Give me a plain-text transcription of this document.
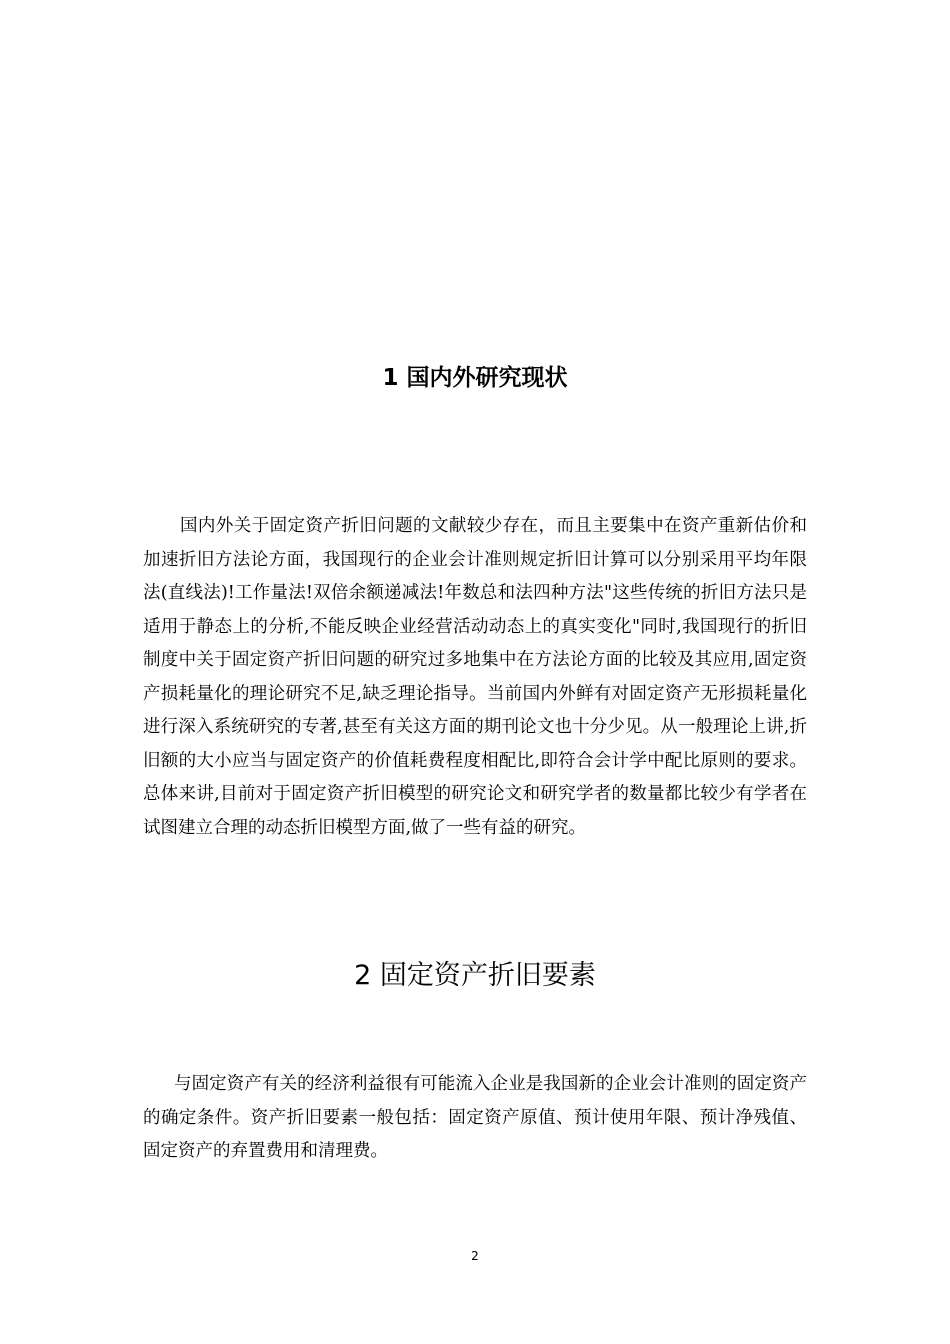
1 国内外研究现状

国内外关于固定资产折旧问题的文献较少存在，而且主要集中在资产重新估价和加速折旧方法论方面，我国现行的企业会计准则规定折旧计算可以分别采用平均年限法(直线法)!工作量法!双倍余额递减法!年数总和法四种方法"这些传统的折旧方法只是适用于静态上的分析,不能反映企业经营活动动态上的真实变化"同时,我国现行的折旧制度中关于固定资产折旧问题的研究过多地集中在方法论方面的比较及其应用,固定资产损耗量化的理论研究不足,缺乏理论指导。当前国内外鲜有对固定资产无形损耗量化进行深入系统研究的专著,甚至有关这方面的期刊论文也十分少见。从一般理论上讲,折旧额的大小应当与固定资产的价值耗费程度相配比,即符合会计学中配比原则的要求。总体来讲,目前对于固定资产折旧模型的研究论文和研究学者的数量都比较少有学者在试图建立合理的动态折旧模型方面,做了一些有益的研究。

2 固定资产折旧要素

与固定资产有关的经济利益很有可能流入企业是我国新的企业会计准则的固定资产的确定条件。资产折旧要素一般包括：固定资产原值、预计使用年限、预计净残值、固定资产的弃置费用和清理费。

2
